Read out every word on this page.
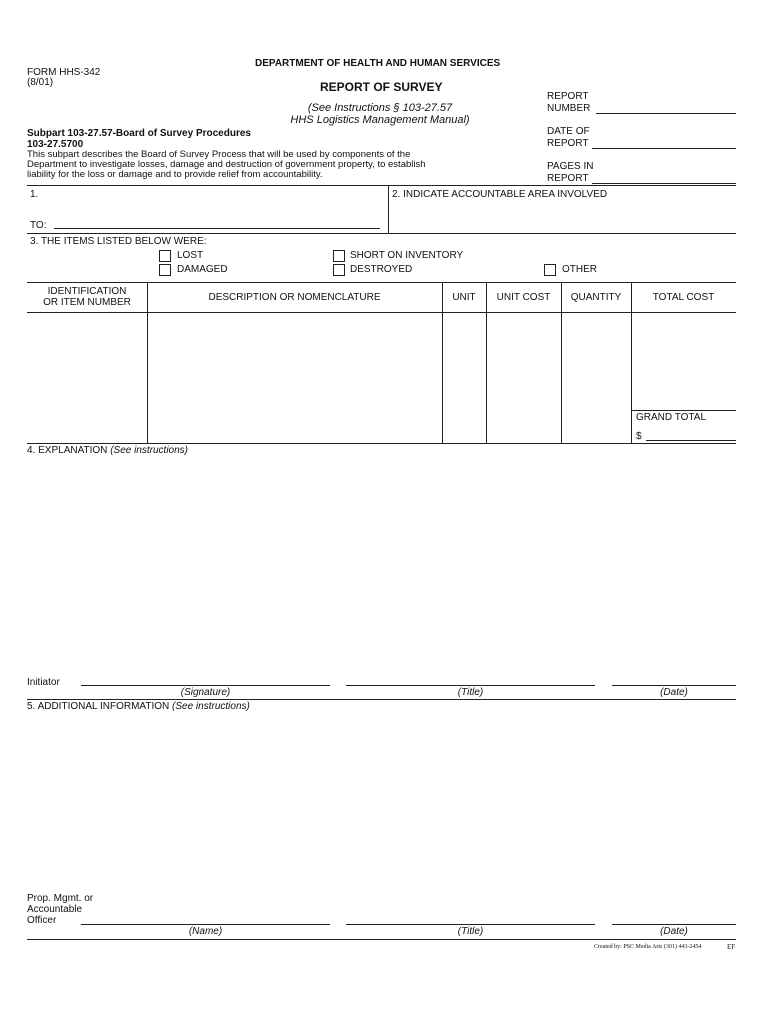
DEPARTMENT OF HEALTH AND HUMAN SERVICES
FORM HHS-342
(8/01)	REPORT OF SURVEY
(See Instructions § 103-27.57
HHS Logistics Management Manual)
Subpart 103-27.57-Board of Survey Procedures
103-27.5700
This subpart describes the Board of Survey Process that will be used by components of the
Department to investigate losses, damage and destruction of government property, to establish
liability for the loss or damage and to provide relief from accountability.
REPORT
NUMBER
DATE OF
REPORT
PAGES IN
REPORT
1.
TO:
2. INDICATE ACCOUNTABLE AREA INVOLVED
3. THE ITEMS LISTED BELOW WERE:
LOST
DAMAGED
SHORT ON INVENTORY
DESTROYED	OTHER
IDENTIFICATION
OR ITEM NUMBER	DESCRIPTION OR NOMENCLATURE	UNIT	UNIT COST	QUANTITY	TOTAL COST
GRAND TOTAL
$
4. EXPLANATION (See instructions)
Initiator
(Signature)	(Title)	(Date)
5. ADDITIONAL INFORMATION (See instructions)
Prop. Mgmt. or
Accountable
Officer
(Name)	(Title)	(Date)
Created by: PSC Media Arts (301) 443-2454	EF
